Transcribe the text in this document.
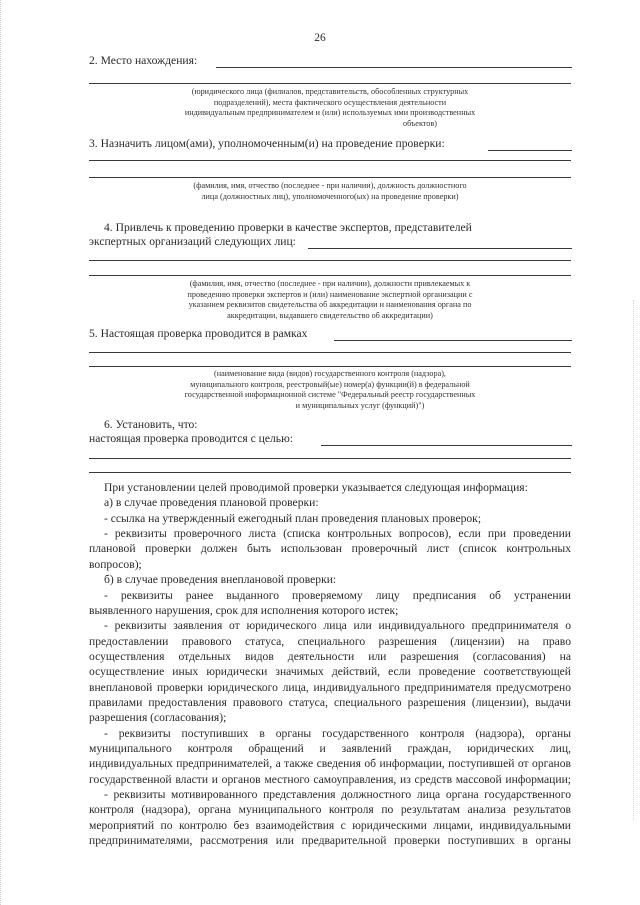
26
2. Место нахождения:
(юридического лица (филиалов, представительств, обособленных структурных
подразделений), места фактического осуществления деятельности
индивидуальным предпринимателем и (или) используемых ими производственных
объектов)
3. Назначить лицом(ами), уполномоченным(и) на проведение проверки:
(фамилия, имя, отчество (последнее - при наличии), должность должностного
лица (должностных лиц), уполномоченного(ых) на проведение проверки)
4. Привлечь к проведению проверки в качестве экспертов, представителей
экспертных организаций следующих лиц:
(фамилия, имя, отчество (последнее - при наличии), должности привлекаемых к
проведению проверки экспертов и (или) наименование экспертной организации с
указанием реквизитов свидетельства об аккредитации и наименования органа по
аккредитации, выдавшего свидетельство об аккредитации)
5. Настоящая проверка проводится в рамках
(наименование вида (видов) государственного контроля (надзора),
муниципального контроля, реестровый(ые) номер(а) функции(й) в федеральной
государственной информационной системе "Федеральный реестр государственных
и муниципальных услуг (функций)")
6. Установить, что:
настоящая проверка проводится с целью:
При установлении целей проводимой проверки указывается следующая информация:
а) в случае проведения плановой проверки:
- ссылка на утвержденный ежегодный план проведения плановых проверок;
- реквизиты проверочного листа (списка контрольных вопросов), если при проведении
плановой проверки должен быть использован проверочный лист (список контрольных
вопросов);
б) в случае проведения внеплановой проверки:
- реквизиты ранее выданного проверяемому лицу предписания об устранении
выявленного нарушения, срок для исполнения которого истек;
- реквизиты заявления от юридического лица или индивидуального предпринимателя о
предоставлении правового статуса, специального разрешения (лицензии) на право
осуществления отдельных видов деятельности или разрешения (согласования) на
осуществление иных юридически значимых действий, если проведение соответствующей
внеплановой проверки юридического лица, индивидуального предпринимателя предусмотрено
правилами предоставления правового статуса, специального разрешения (лицензии), выдачи
разрешения (согласования);
- реквизиты поступивших в органы государственного контроля (надзора), органы
муниципального контроля обращений и заявлений граждан, юридических лиц,
индивидуальных предпринимателей, а также сведения об информации, поступившей от органов
государственной власти и органов местного самоуправления, из средств массовой информации;
- реквизиты мотивированного представления должностного лица органа государственного
контроля (надзора), органа муниципального контроля по результатам анализа результатов
мероприятий по контролю без взаимодействия с юридическими лицами, индивидуальными
предпринимателями, рассмотрения или предварительной проверки поступивших в органы
